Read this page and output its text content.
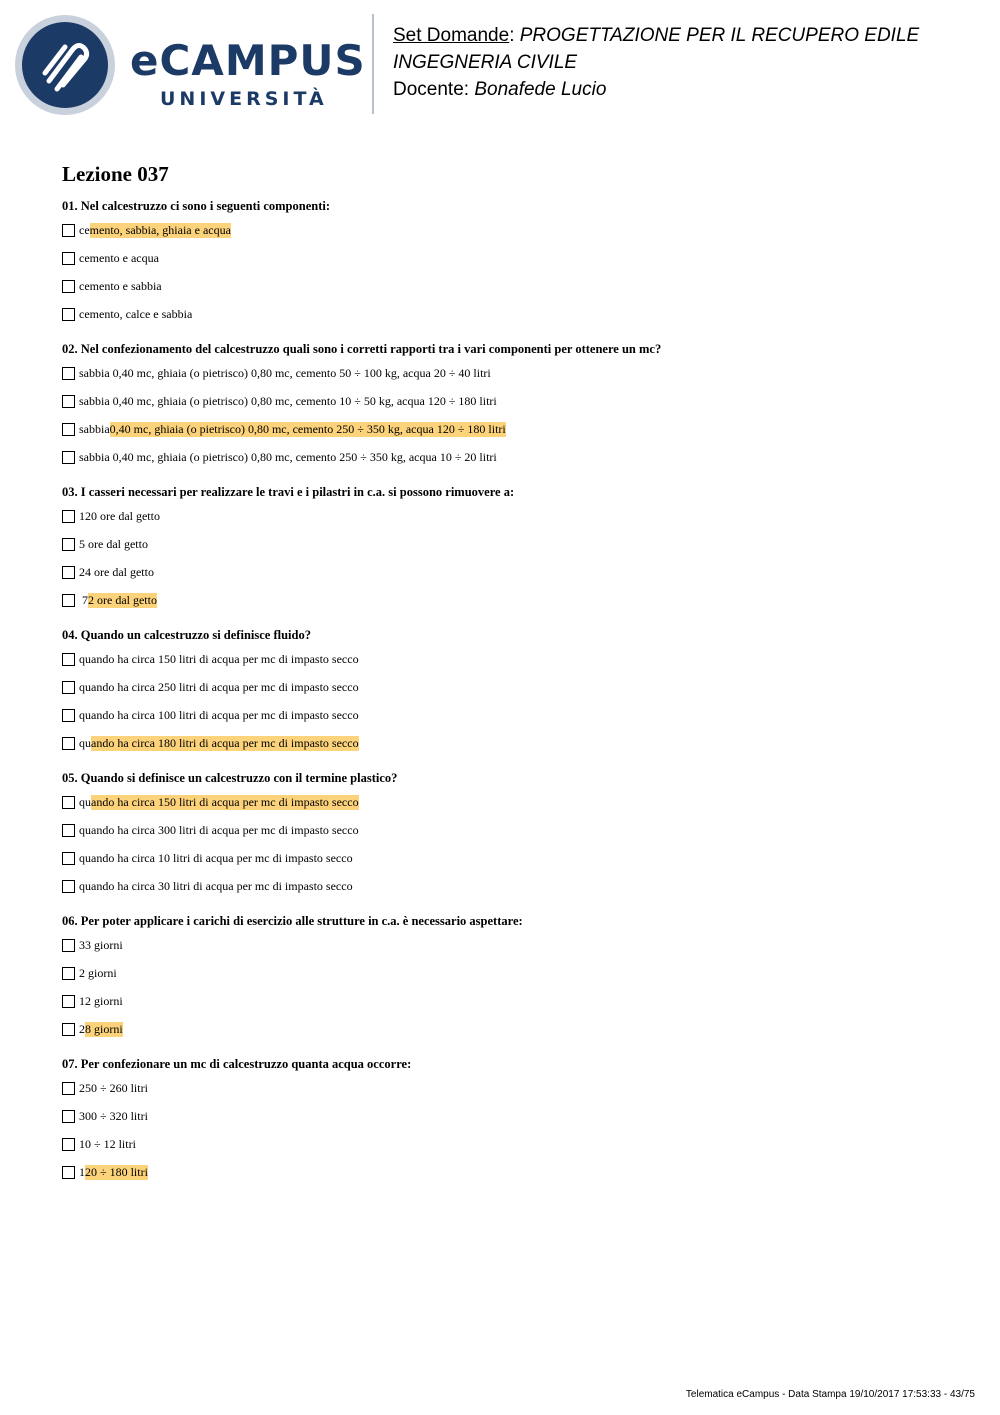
eCAMPUS
UNIVERSITÀ
Set Domande: PROGETTAZIONE PER IL RECUPERO EDILE
INGEGNERIA CIVILE
Docente: Bonafede Lucio
Lezione 037
01. Nel calcestruzzo ci sono i seguenti componenti:
ce mento, sabbia, ghiaia e acqua
cemento e acqua
cemento e sabbia
cemento, calce e sabbia
02. Nel confezionamento del calcestruzzo quali sono i corretti rapporti tra i vari componenti per ottenere un mc?
sabbia 0,40 mc, ghiaia (o pietrisco) 0,80 mc, cemento 50 ÷ 100 kg, acqua 20 ÷ 40 litri
sabbia 0,40 mc, ghiaia (o pietrisco) 0,80 mc, cemento 10 ÷ 50 kg, acqua 120 ÷ 180 litri
sabbia 0,40 mc, ghiaia (o pietrisco) 0,80 mc, cemento 250 ÷ 350 kg, acqua 120 ÷ 180 litri
sabbia 0,40 mc, ghiaia (o pietrisco) 0,80 mc, cemento 250 ÷ 350 kg, acqua 10 ÷ 20 litri
03. I casseri necessari per realizzare le travi e i pilastri in c.a. si possono rimuovere a:
120 ore dal getto
5 ore dal getto
24 ore dal getto
7 2 ore dal getto
04. Quando un calcestruzzo si definisce fluido?
quando ha circa 150 litri di acqua per mc di impasto secco
quando ha circa 250 litri di acqua per mc di impasto secco
quando ha circa 100 litri di acqua per mc di impasto secco
qu ando ha circa 180 litri di acqua per mc di impasto secco
05. Quando si definisce un calcestruzzo con il termine plastico?
qu ando ha circa 150 litri di acqua per mc di impasto secco
quando ha circa 300 litri di acqua per mc di impasto secco
quando ha circa 10 litri di acqua per mc di impasto secco
quando ha circa 30 litri di acqua per mc di impasto secco
06. Per poter applicare i carichi di esercizio alle strutture in c.a. è necessario aspettare:
33 giorni
2 giorni
12 giorni
2 8 giorni
07. Per confezionare un mc di calcestruzzo quanta acqua occorre:
250 ÷ 260 litri
300 ÷ 320 litri
10 ÷ 12 litri
1 20 ÷ 180 litri
Telematica eCampus - Data Stampa 19/10/2017 17:53:33 - 43/75
